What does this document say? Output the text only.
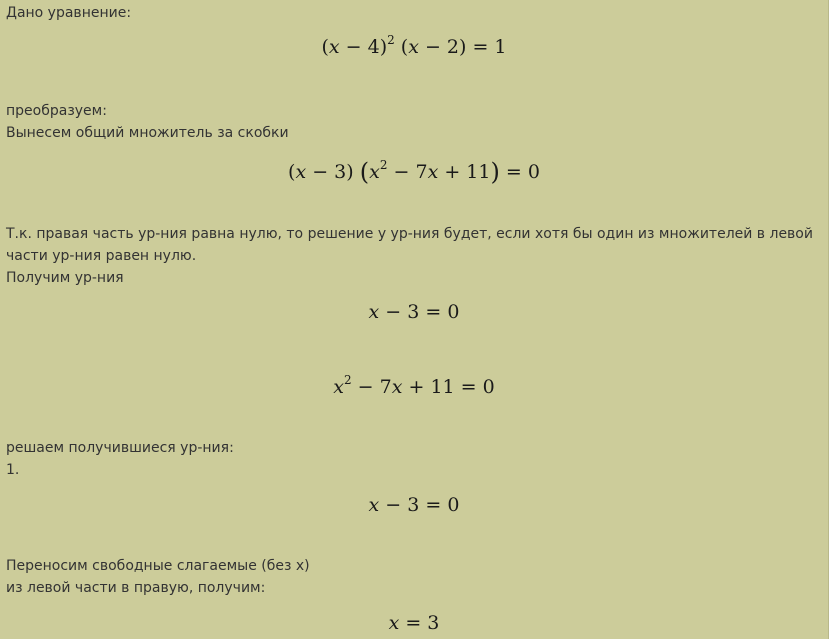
Дано уравнение:
$(x - 4)^2$ (x − 2) = 1
преобразуем:
Вынесем общий множитель за скобки
(x − 3) $(x^2 - 7x + 11) = 0$
Т.к. правая часть ур-ния равна нулю, то решение у ур-ния будет, если хотя бы один из множителей в левой части ур-ния равен нулю.
Получим ур-ния
x − 3 = 0
$x^2 - 7x + 11 = 0$
решаем получившиеся ур-ния:
1.
x − 3 = 0
Переносим свободные слагаемые (без x)
из левой части в правую, получим:
x = 3
